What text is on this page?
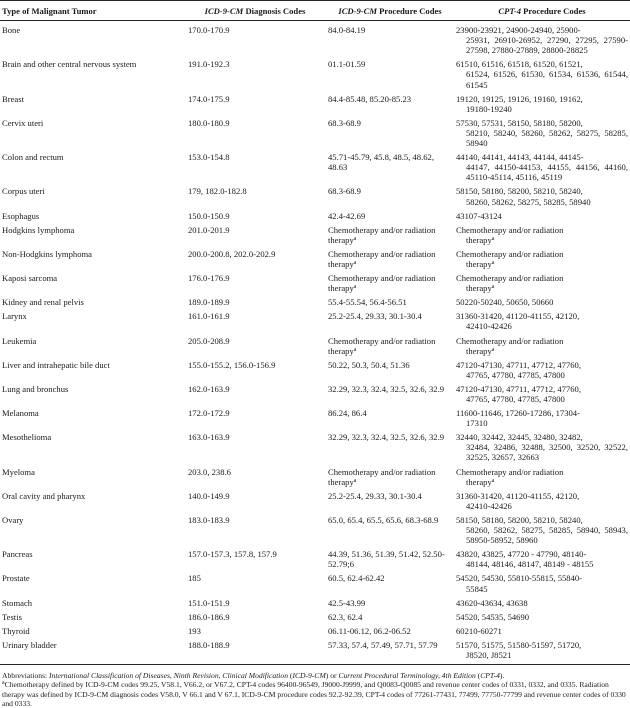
Type of Malignant Tumor	ICD-9-CM Diagnosis Codes	ICD-9-CM Procedure Codes	CPT-4 Procedure Codes
Bone	170.0-170.9	84.0-84.19	23900-23921, 24900-24940, 25900-
25931, 26910-26952, 27290, 27295, 27590-27598, 27880-27889, 28800-28825

Brain and other central nervous system	191.0-192.3	01.1-01.59	61510, 61516, 61518, 61520, 61521,
61524, 61526, 61530, 61534, 61536, 61544, 61545

Breast	174.0-175.9	84.4-85.48, 85.20-85.23	19120, 19125, 19126, 19160, 19162,
19180-19240

Cervix uteri	180.0-180.9	68.3-68.9	57530, 57531, 58150, 58180, 58200,
58210, 58240, 58260, 58262, 58275, 58285, 58940

Colon and rectum	153.0-154.8	45.71-45.79, 45.8, 48.5, 48.62, 48.63	44140, 44141, 44143, 44144, 44145-
44147, 44150-44153, 44155, 44156, 44160, 45110-45114, 45116, 45119

Corpus uteri	179, 182.0-182.8	68.3-68.9	58150, 58180, 58200, 58210, 58240,
58260, 58262, 58275, 58285, 58940

Esophagus	150.0-150.9	42.4-42.69	43107-43124

Hodgkins lymphoma	201.0-201.9	Chemotherapy and/or radiation therapy$^a$	Chemotherapy and/or radiation
therapy$^a$

Non-Hodgkins lymphoma	200.0-200.8, 202.0-202.9	Chemotherapy and/or radiation therapy$^a$	Chemotherapy and/or radiation
therapy$^a$

Kaposi sarcoma	176.0-176.9	Chemotherapy and/or radiation therapy$^a$	Chemotherapy and/or radiation
therapy$^a$

Kidney and renal pelvis	189.0-189.9	55.4-55.54, 56.4-56.51	50220-50240, 50650, 50660

Larynx	161.0-161.9	25.2-25.4, 29.33, 30.1-30.4	31360-31420, 41120-41155, 42120,
42410-42426

Leukemia	205.0-208.9	Chemotherapy and/or radiation therapy$^a$	Chemotherapy and/or radiation
therapy$^a$

Liver and intrahepatic bile duct	155.0-155.2, 156.0-156.9	50.22, 50.3, 50.4, 51.36	47120-47130, 47711, 47712, 47760,
47765, 47780, 47785, 47800

Lung and bronchus	162.0-163.9	32.29, 32.3, 32.4, 32.5, 32.6, 32.9	47120-47130, 47711, 47712, 47760,
47765, 47780, 47785, 47800

Melanoma	172.0-172.9	86.24, 86.4	11600-11646, 17260-17286, 17304-
17310

Mesothelioma	163.0-163.9	32.29, 32.3, 32.4, 32.5, 32.6, 32.9	32440, 32442, 32445, 32480, 32482,
32484, 32486, 32488, 32500, 32520, 32522, 32525, 32657, 32663

Myeloma	203.0, 238.6	Chemotherapy and/or radiation therapy$^a$	Chemotherapy and/or radiation
therapy$^a$

Oral cavity and pharynx	140.0-149.9	25.2-25.4, 29.33, 30.1-30.4	31360-31420, 41120-41155, 42120,
42410-42426

Ovary	183.0-183.9	65.0, 65.4, 65.5, 65.6, 68.3-68.9	58150, 58180, 58200, 58210, 58240,
58260, 58262, 58275, 58285, 58940, 58943, 58950-58952, 58960

Pancreas	157.0-157.3, 157.8, 157.9	44.39, 51.36, 51.39, 51.42, 52.50-52.79;6	43820, 43825, 47720 - 47790, 48140-
48144, 48146, 48147, 48149 - 48155

Prostate	185	60.5, 62.4-62.42	54520, 54530, 55810-55815, 55840-
55845

Stomach	151.0-151.9	42.5-43.99	43620-43634, 43638

Testis	186.0-186.9	62.3, 62.4	54520, 54535, 54690

Thyroid	193	06.11-06.12, 06.2-06.52	60210-60271

Urinary bladder	188.0-188.9	57.33, 57.4, 57.49, 57.71, 57.79	51570, 51575, 51580-51597, 51720,
J8520, J8521

Abbreviations: International Classification of Diseases, Ninth Revision, Clinical Modification (ICD-9-CM) or Current Procedural Terminology, 4th Edition (CPT-4).

$^a$Chemotherapy defined by ICD-9-CM codes 99.25, V58.1, V66.2, or V67.2, CPT-4 codes 96400-96549, J9000-J9999, and Q0083-Q0085 and revenue center codes of 0331, 0332, and 0335. Radiation therapy was defined by ICD-9-CM diagnosis codes V58.0, V 66.1 and V 67.1, ICD-9-CM procedure codes 92.2-92.39, CPT-4 codes of 77261-77431, 77499, 77750-77799 and revenue center codes of 0330 and 0333.
